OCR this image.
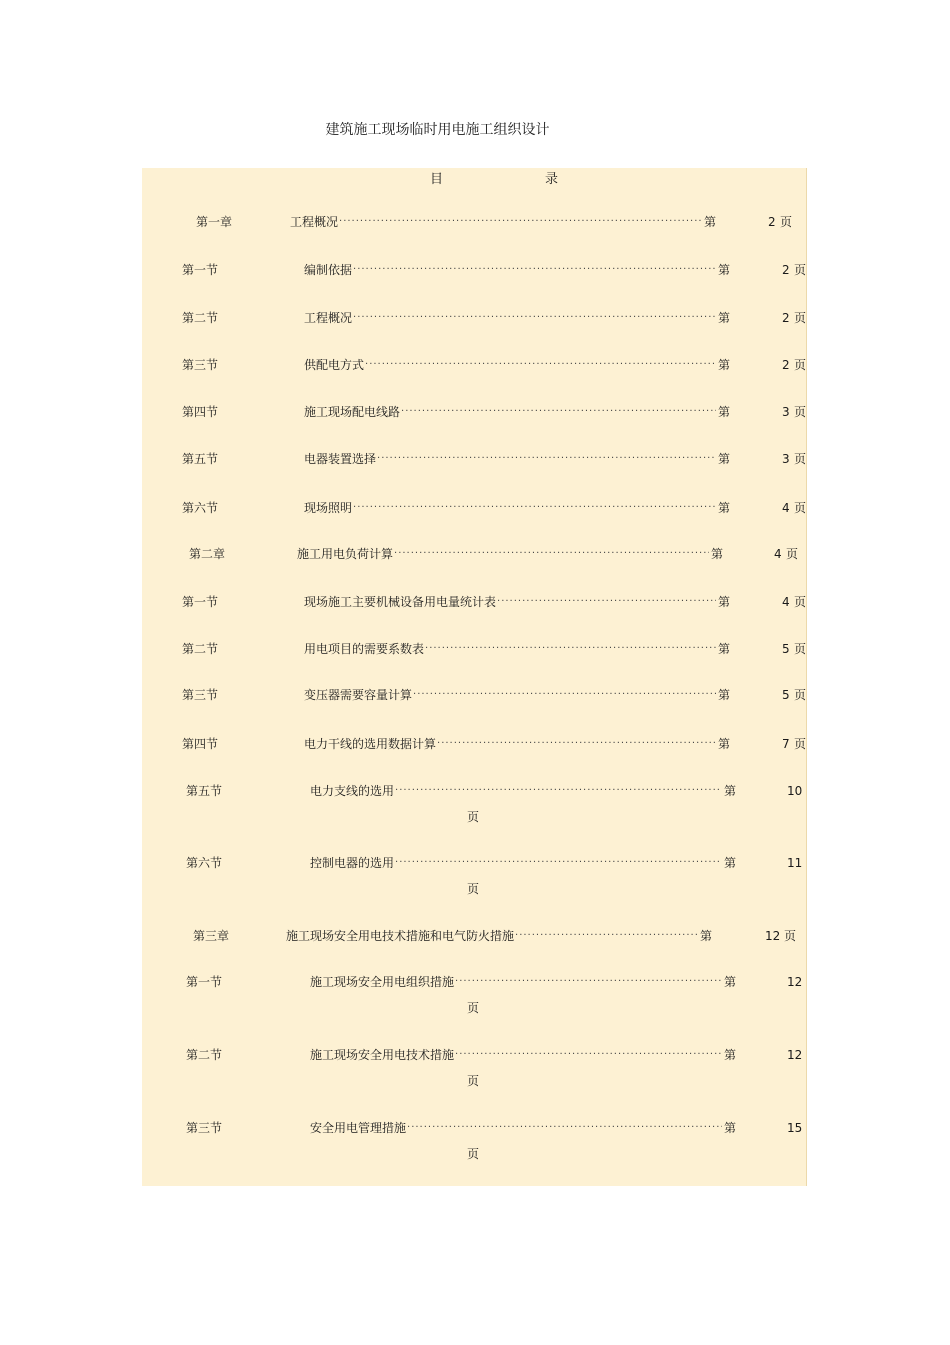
建筑施工现场临时用电施工组织设计
目	录
第一章	工程概况 ·····	第	2 页
第一节	编制依据 ·····	第	2 页
第二节	工程概况 ·····	第	2 页
第三节	供配电方式 ·····	第	2 页
第四节	施工现场配电线路 ·····	第	3 页
第五节	电器装置选择 ·····	第	3 页
第六节	现场照明 ·····	第	4 页
第二章	施工用电负荷计算 ·····	第	4 页
第一节	现场施工主要机械设备用电量统计表 ·····	第	4 页
第二节	用电项目的需要系数表 ·····	第	5 页
第三节	变压器需要容量计算 ·····	第	5 页
第四节	电力干线的选用数据计算 ·····	第	7 页
第五节	电力支线的选用 ·····	第	10
页
第六节	控制电器的选用 ·····	第	11
页
第三章	施工现场安全用电技术措施和电气防火措施 ·····	第	12 页
第一节	施工现场安全用电组织措施 ·····	第	12
页
第二节	施工现场安全用电技术措施 ·····	第	12
页
第三节	安全用电管理措施 ·····	第	15
页
